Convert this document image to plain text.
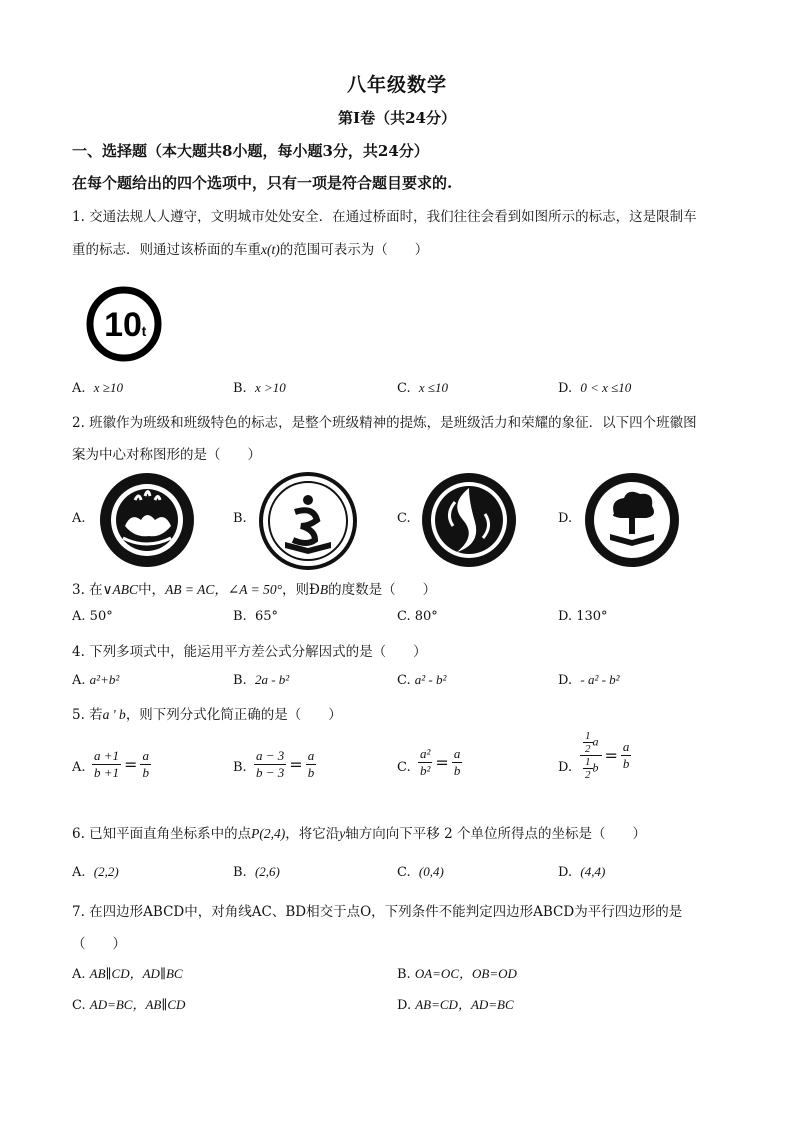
八年级数学
第Ⅰ卷（共24分）
一、选择题（本大题共8小题，每小题3分，共24分）
在每个题给出的四个选项中，只有一项是符合题目要求的.
1. 交通法规人人遵守，文明城市处处安全．在通过桥面时，我们往往会看到如图所示的标志，这是限制车
重的标志．则通过该桥面的车重x(t)的范围可表示为（　　）
10 t
A. x ≥10	B. x >10	C. x ≤10	D. 0 < x ≤10
2. 班徽作为班级和班级特色的标志，是整个班级精神的提炼，是班级活力和荣耀的象征．以下四个班徽图
案为中心对称图形的是（　　）
A.	B.	C.	D.
3. 在∨ABC中，AB = AC，∠A = 50°，则ÐB的度数是（　　）
A. 50°	B. 65°	C. 80°	D. 130°
4. 下列多项式中，能运用平方差公式分解因式的是（　　）
A. a²+b²	B. 2a - b²	C. a² - b²	D. - a² - b²
5. 若a ' b，则下列分式化简正确的是（　　）
A. $\frac{a +1}{b +1} = \frac{a}{b}$	B. $\frac{a - 3}{b - 3} = \frac{a}{b}$	C. $\frac{\text{a²}}{\text{b²}} = \frac{a}{b}$	D. $\frac{\frac{1}{2} a}{\frac{1}{2} b} = \frac{a}{b}$
6. 已知平面直角坐标系中的点P(2,4)，将它沿y轴方向向下平移 2 个单位所得点的坐标是（　　）
A. (2,2)	B. (2,6)	C. (0,4)	D. (4,4)
7. 在四边形ABCD中，对角线AC、BD相交于点O，下列条件不能判定四边形ABCD为平行四边形的是
（　　）
A. AB∥CD，AD∥BC	B. OA=OC，OB=OD
C. AD=BC，AB∥CD	D. AB=CD，AD=BC
